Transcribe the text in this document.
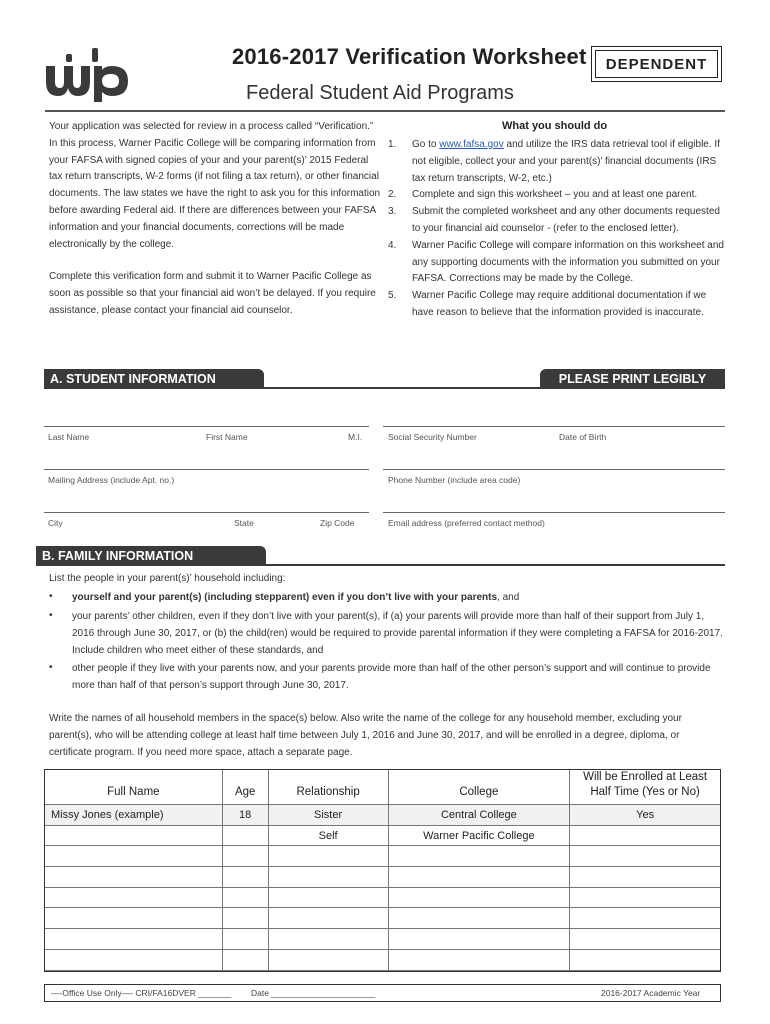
2016-2017 Verification Worksheet
Federal Student Aid Programs
DEPENDENT

Your application was selected for review in a process called “Verification.” In this process, Warner Pacific College will be comparing information from your FAFSA with signed copies of your and your parent(s)’ 2015 Federal tax return transcripts, W-2 forms (if not filing a tax return), or other financial documents. The law states we have the right to ask you for this information before awarding Federal aid. If there are differences between your FAFSA information and your financial documents, corrections will be made electronically by the college.

Complete this verification form and submit it to Warner Pacific College as soon as possible so that your financial aid won’t be delayed. If you require assistance, please contact your financial aid counselor.

What you should do
1.	Go to www.fafsa.gov and utilize the IRS data retrieval tool if eligible. If not eligible, collect your and your parent(s)’ financial documents (IRS tax return transcripts, W-2, etc.)
2.	Complete and sign this worksheet – you and at least one parent.
3.	Submit the completed worksheet and any other documents requested to your financial aid counselor - (refer to the enclosed letter).
4.	Warner Pacific College will compare information on this worksheet and any supporting documents with the information you submitted on your FAFSA. Corrections may be made by the College.
5.	Warner Pacific College may require additional documentation if we have reason to believe that the information provided is inaccurate.
A. STUDENT INFORMATION	PLEASE PRINT LEGIBLY
Last Name	First Name	M.I.	Social Security Number	Date of Birth
Mailing Address (include Apt. no.)	Phone Number (include area code)
City	State	Zip Code	Email address (preferred contact method)
B. FAMILY INFORMATION
List the people in your parent(s)’ household including:
• yourself and your parent(s) (including stepparent) even if you don’t live with your parents, and
• your parents’ other children, even if they don’t live with your parent(s), if (a) your parents will provide more than half of their support from July 1, 2016 through June 30, 2017, or (b) the child(ren) would be required to provide parental information if they were completing a FAFSA for 2016-2017. Include children who meet either of these standards, and
• other people if they live with your parents now, and your parents provide more than half of the other person’s support and will continue to provide more than half of that person’s support through June 30, 2017.
Write the names of all household members in the space(s) below. Also write the name of the college for any household member, excluding your parent(s), who will be attending college at least half time between July 1, 2016 and June 30, 2017, and will be enrolled in a degree, diploma, or certificate program. If you need more space, attach a separate page.
Full Name	Age	Relationship	College	Will be Enrolled at Least
Half Time (Yes or No)
Missy Jones (example)	18	Sister	Central College	Yes
		Self	Warner Pacific College	

—-Office Use Only—- CRI/FA16DVER _______ Date ______________________	2016-2017 Academic Year
